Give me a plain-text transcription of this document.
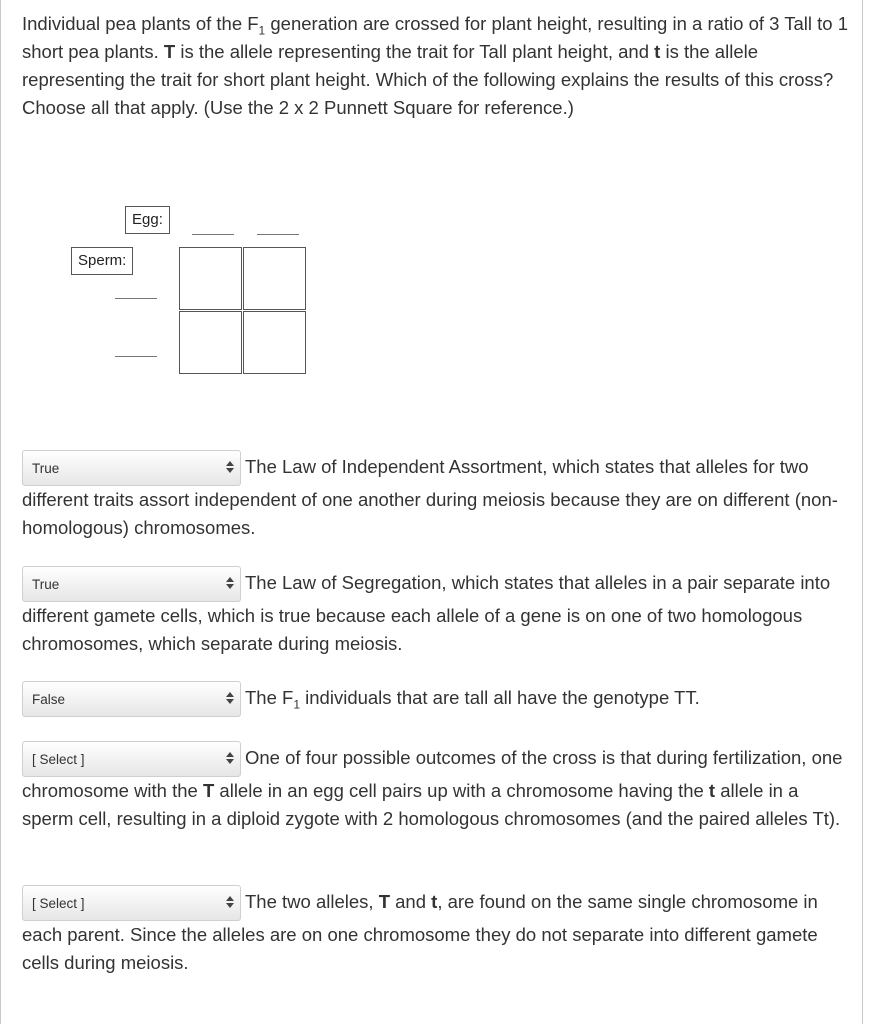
Individual pea plants of the $F_1$ generation are crossed for plant height, resulting in a ratio of 3 Tall to 1 short pea plants. T is the allele representing the trait for Tall plant height, and t is the allele representing the trait for short plant height. Which of the following explains the results of this cross? Choose all that apply. (Use the 2 x 2 Punnett Square for reference.)
Egg:
Sperm:
True	The Law of Independent Assortment, which states that alleles for two different traits assort independent of one another during meiosis because they are on different (non-homologous) chromosomes.
True	The Law of Segregation, which states that alleles in a pair separate into different gamete cells, which is true because each allele of a gene is on one of two homologous chromosomes, which separate during meiosis.
False	The $F_1$ individuals that are tall all have the genotype TT.
[ Select ]	One of four possible outcomes of the cross is that during fertilization, one chromosome with the T allele in an egg cell pairs up with a chromosome having the t allele in a sperm cell, resulting in a diploid zygote with 2 homologous chromosomes (and the paired alleles Tt).
[ Select ]	The two alleles, T and t, are found on the same single chromosome in each parent. Since the alleles are on one chromosome they do not separate into different gamete cells during meiosis.
